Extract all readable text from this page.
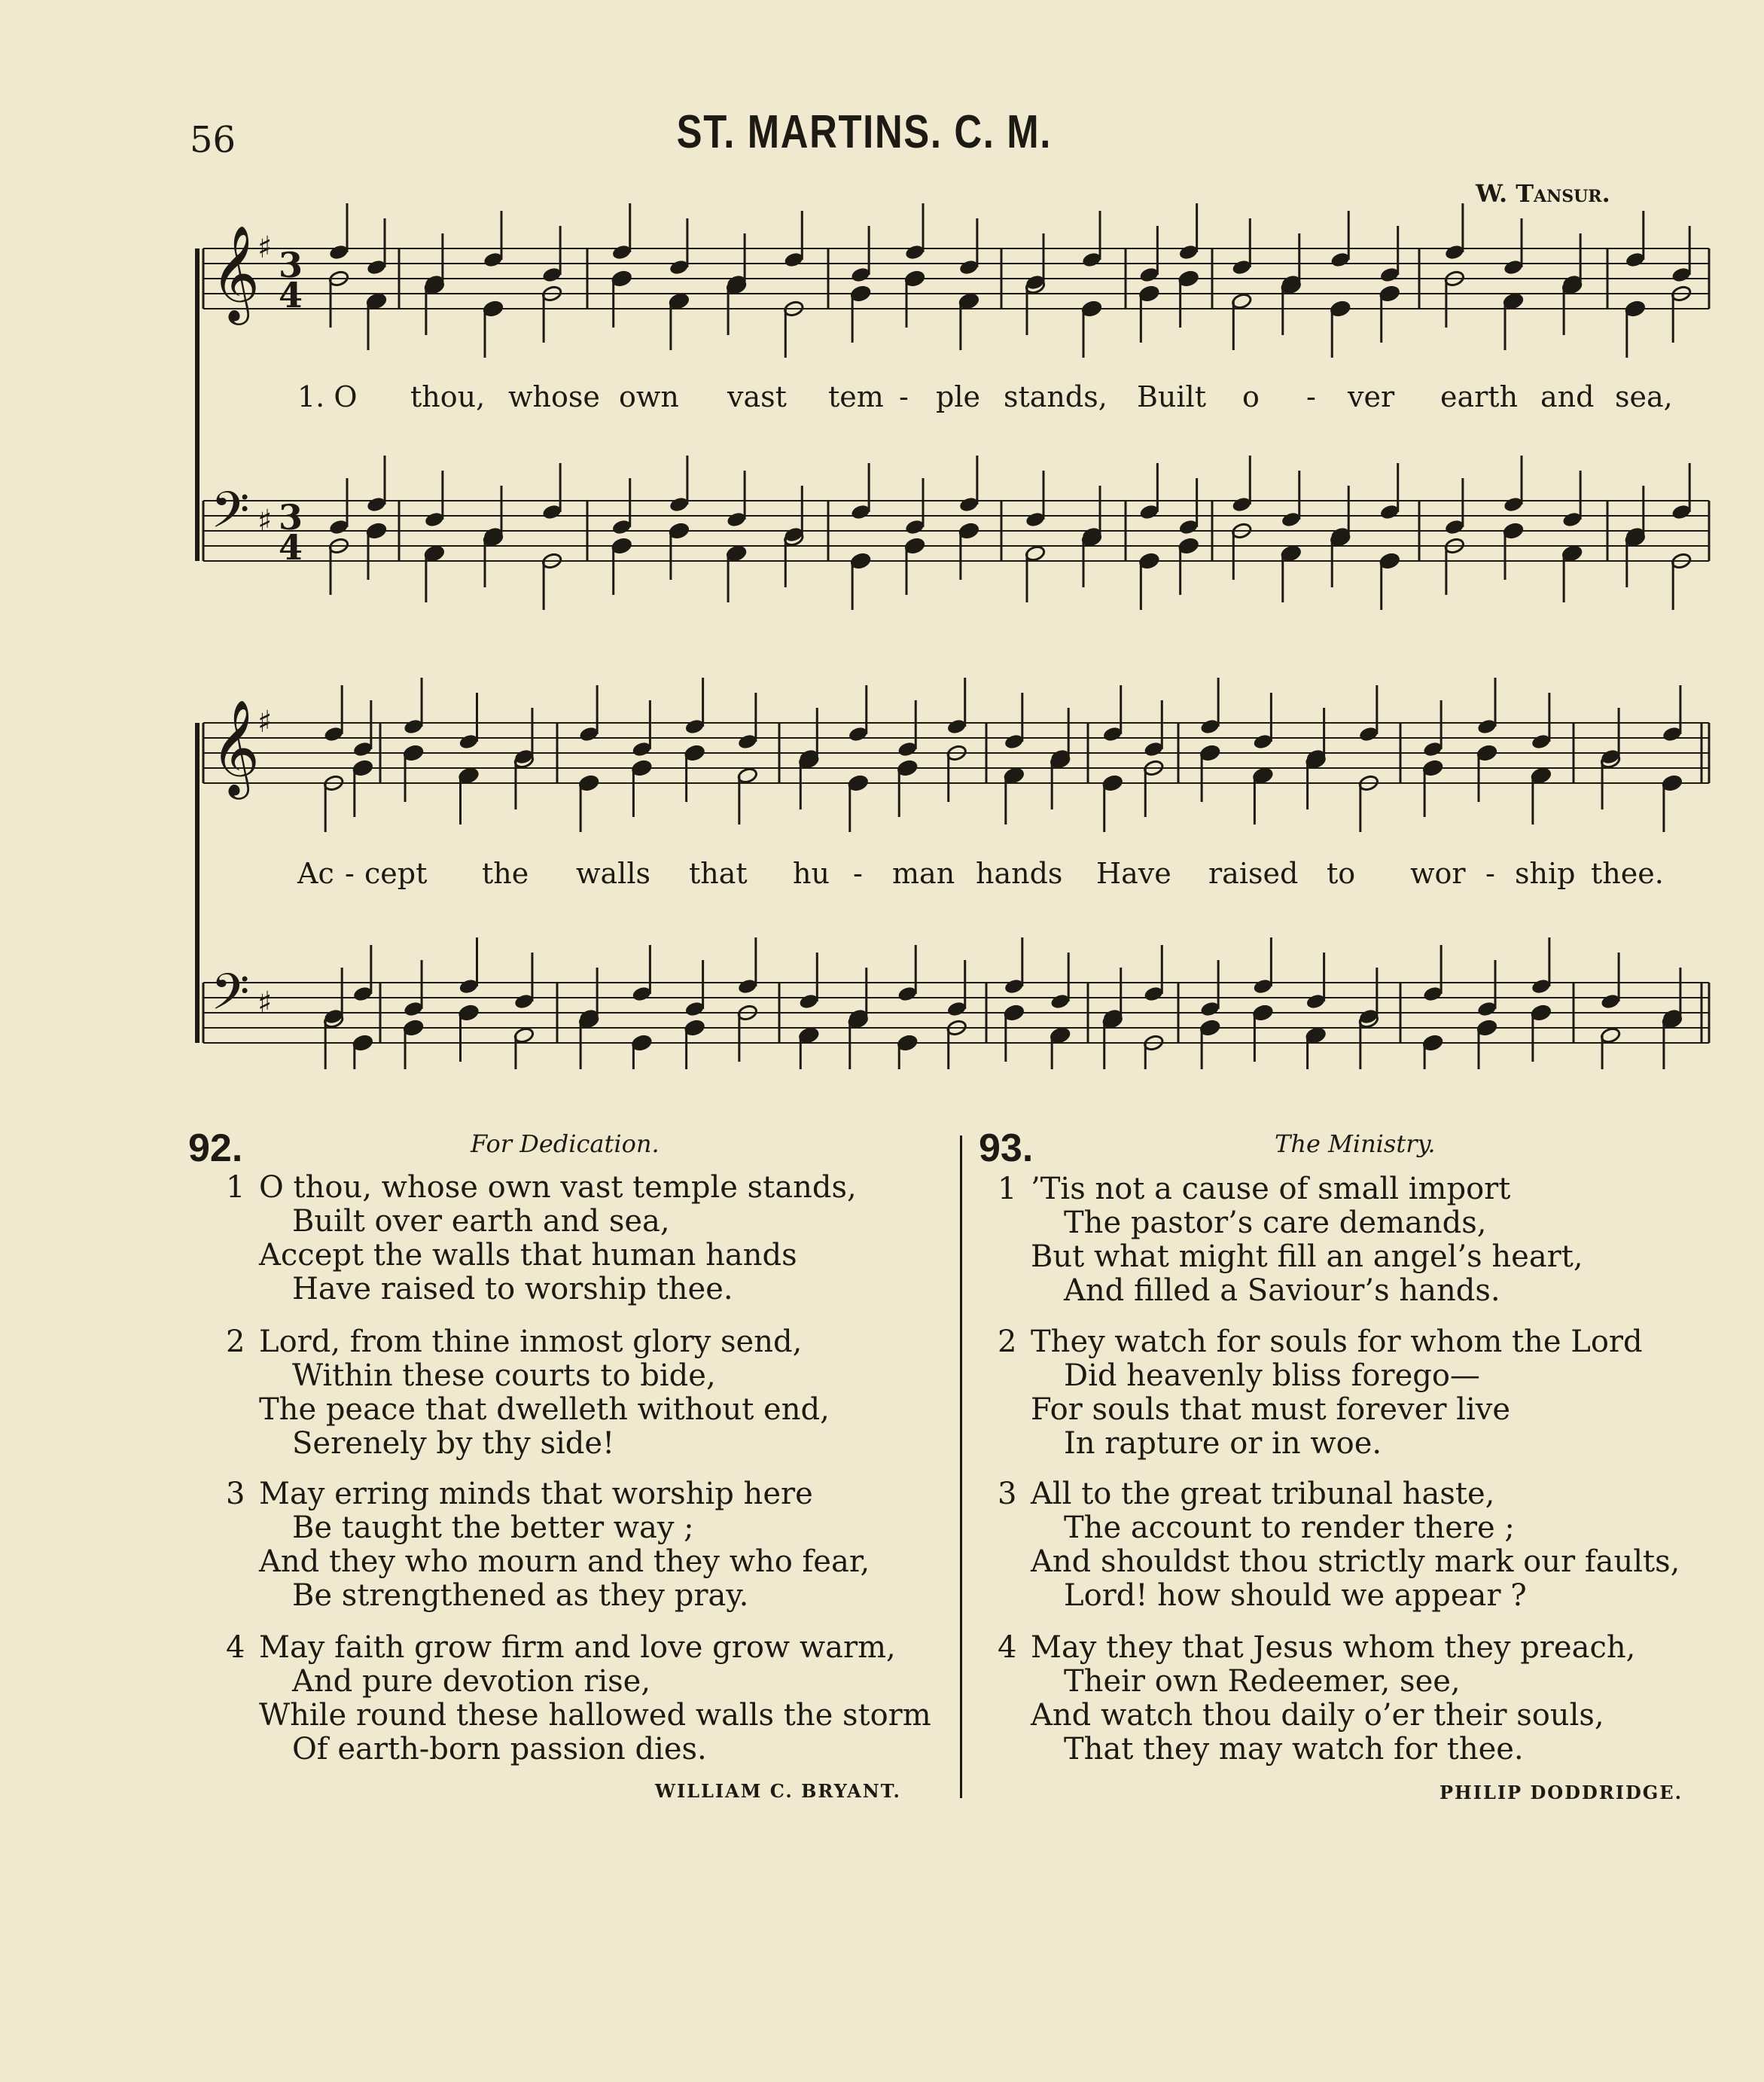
56	ST. MARTINS. C. M.
W. Tansur.
𝄞
♯ 3
4
𝄢 ♯ 3
4
𝄞
♯
𝄢 ♯
1. O thou, whose own vast tem - ple stands, Built o - ver earth and sea,
Ac - cept the walls that hu - man hands Have raised to wor - ship thee.
92.	For Dedication.
1 O thou, whose own vast temple stands,
Built over earth and sea,
Accept the walls that human hands
Have raised to worship thee.
2 Lord, from thine inmost glory send,
Within these courts to bide,
The peace that dwelleth without end,
Serenely by thy side!
3 May erring minds that worship here
Be taught the better way ;
And they who mourn and they who fear,
Be strengthened as they pray.
4 May faith grow firm and love grow warm,
And pure devotion rise,
While round these hallowed walls the storm
Of earth-born passion dies.
WILLIAM C. BRYANT.
93.	The Ministry.
1 ’Tis not a cause of small import
The pastor’s care demands,
But what might fill an angel’s heart,
And filled a Saviour’s hands.
2 They watch for souls for whom the Lord
Did heavenly bliss forego—
For souls that must forever live
In rapture or in woe.
3 All to the great tribunal haste,
The account to render there ;
And shouldst thou strictly mark our faults,
Lord! how should we appear ?
4 May they that Jesus whom they preach,
Their own Redeemer, see,
And watch thou daily o’er their souls,
That they may watch for thee.
PHILIP DODDRIDGE.
